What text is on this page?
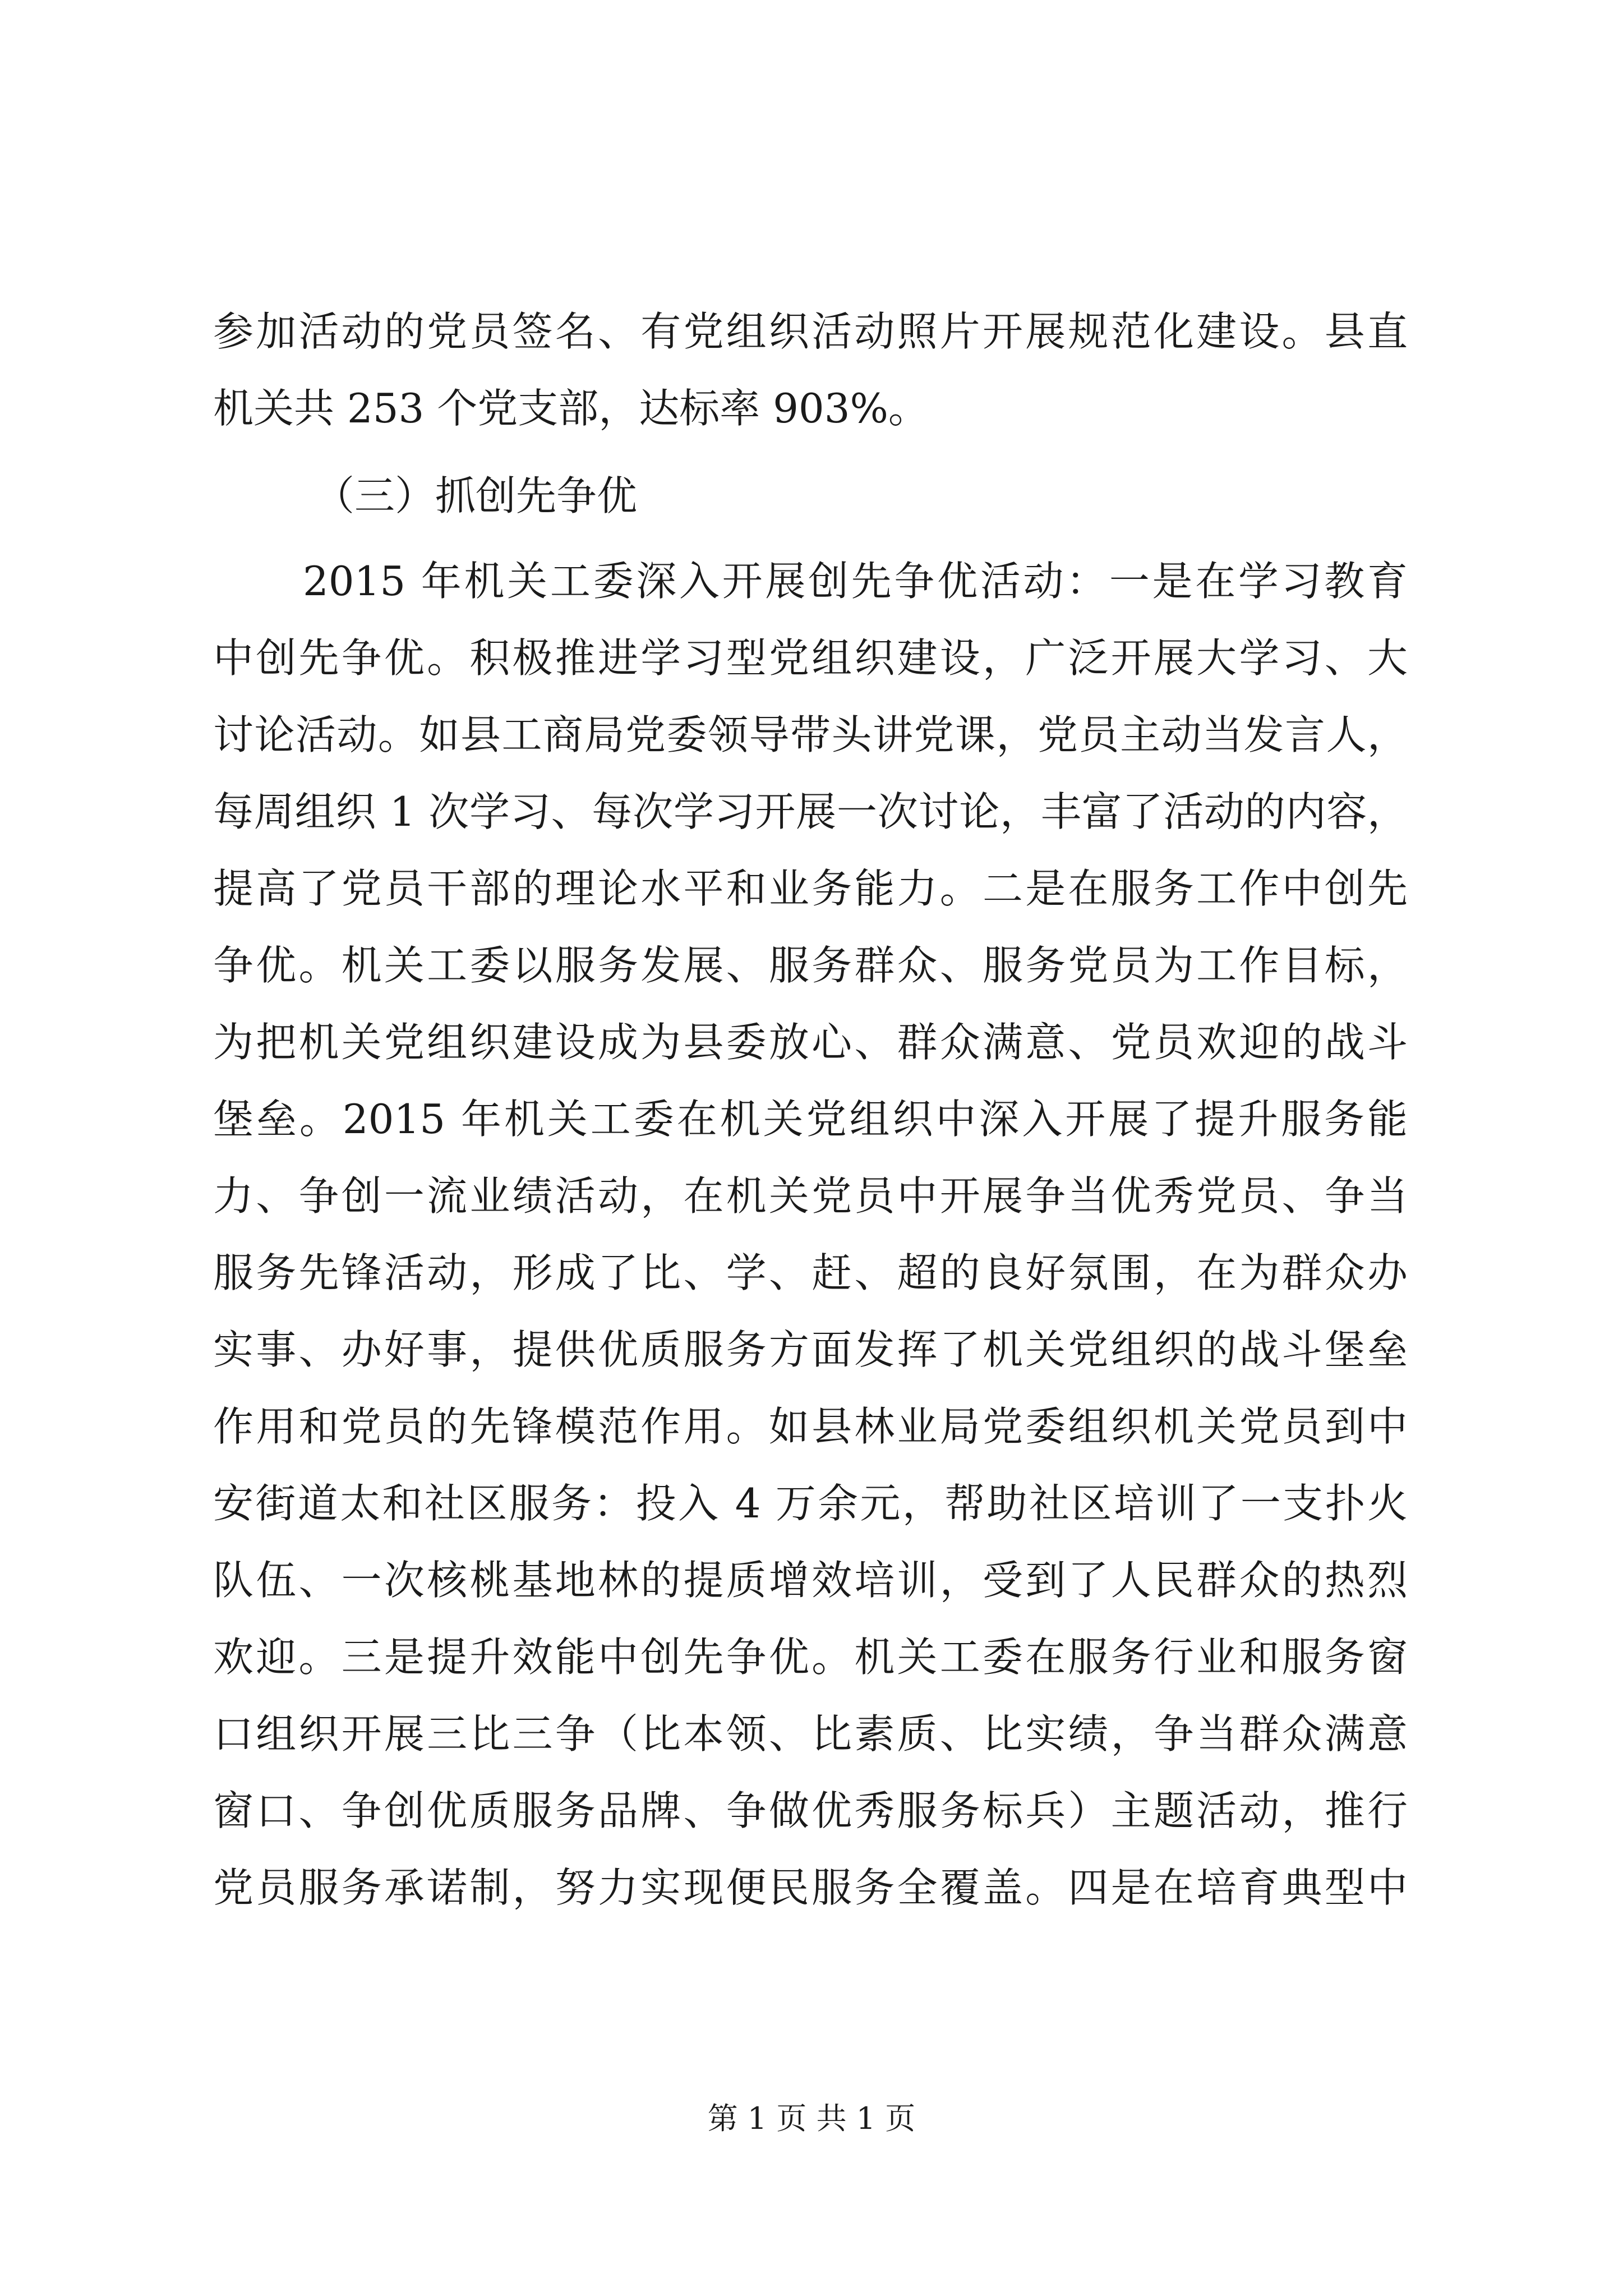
参加活动的党员签名、有党组织活动照片开展规范化建设。县直
机关共 253 个党支部，达标率 903%。
（三）抓创先争优
2015 年机关工委深入开展创先争优活动：一是在学习教育
中创先争优。积极推进学习型党组织建设，广泛开展大学习、大
讨论活动。如县工商局党委领导带头讲党课，党员主动当发言人，
每周组织 1 次学习、每次学习开展一次讨论，丰富了活动的内容，
提高了党员干部的理论水平和业务能力。二是在服务工作中创先
争优。机关工委以服务发展、服务群众、服务党员为工作目标，
为把机关党组织建设成为县委放心、群众满意、党员欢迎的战斗
堡垒。2015 年机关工委在机关党组织中深入开展了提升服务能
力、争创一流业绩活动，在机关党员中开展争当优秀党员、争当
服务先锋活动，形成了比、学、赶、超的良好氛围，在为群众办
实事、办好事，提供优质服务方面发挥了机关党组织的战斗堡垒
作用和党员的先锋模范作用。如县林业局党委组织机关党员到中
安街道太和社区服务：投入 4 万余元，帮助社区培训了一支扑火
队伍、一次核桃基地林的提质增效培训，受到了人民群众的热烈
欢迎。三是提升效能中创先争优。机关工委在服务行业和服务窗
口组织开展三比三争（比本领、比素质、比实绩，争当群众满意
窗口、争创优质服务品牌、争做优秀服务标兵）主题活动，推行
党员服务承诺制，努力实现便民服务全覆盖。四是在培育典型中
第 1 页 共 1 页
